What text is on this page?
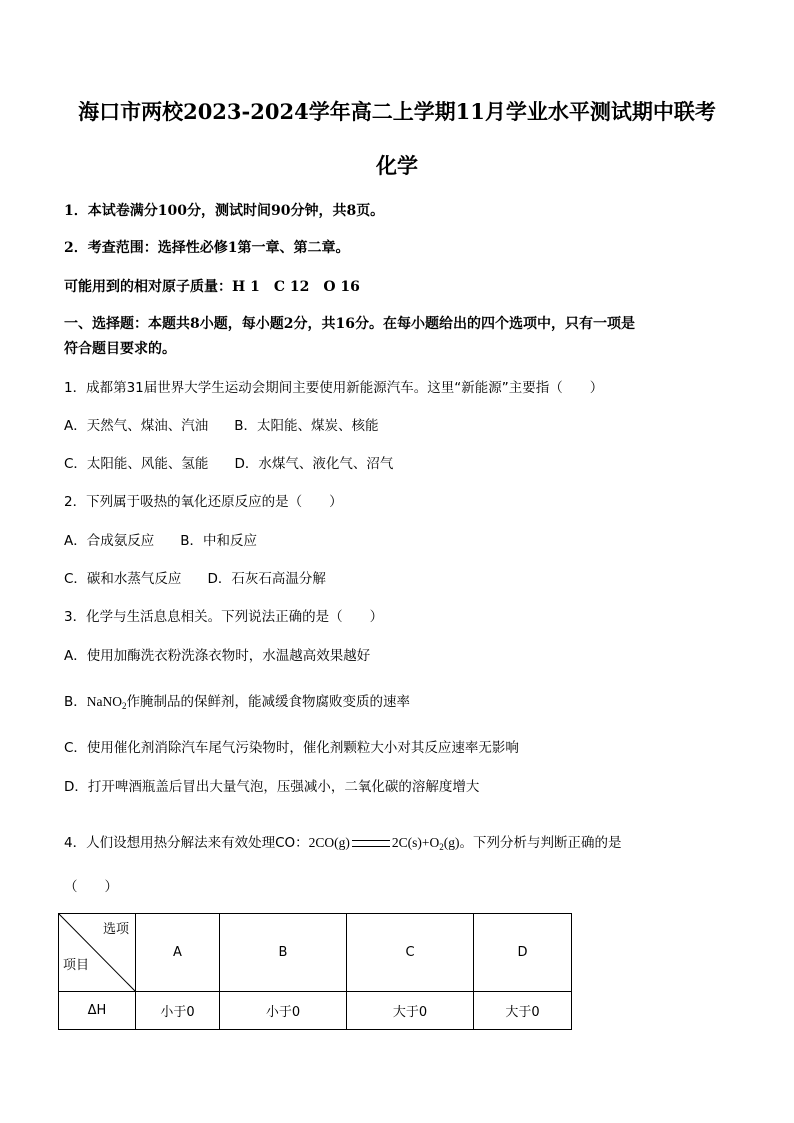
海口市两校2023-2024学年高二上学期11月学业水平测试期中联考
化学
1．本试卷满分100分，测试时间90分钟，共8页。
2．考查范围：选择性必修1第一章、第二章。
可能用到的相对原子质量：H 1　C 12　O 16
一、选择题：本题共8小题，每小题2分，共16分。在每小题给出的四个选项中，只有一项是
符合题目要求的。
1．成都第31届世界大学生运动会期间主要使用新能源汽车。这里“新能源”主要指（　　）
A．天然气、煤油、汽油 B．太阳能、煤炭、核能
C．太阳能、风能、氢能 D．水煤气、液化气、沼气
2．下列属于吸热的氧化还原反应的是（　　）
A．合成氨反应 B．中和反应
C．碳和水蒸气反应 D．石灰石高温分解
3．化学与生活息息相关。下列说法正确的是（　　）
A．使用加酶洗衣粉洗涤衣物时，水温越高效果越好
B．NaNO$_2$作腌制品的保鲜剂，能减缓食物腐败变质的速率
C．使用催化剂消除汽车尾气污染物时，催化剂颗粒大小对其反应速率无影响
D．打开啤酒瓶盖后冒出大量气泡，压强减小，二氧化碳的溶解度增大
4．人们设想用热分解法来有效处理CO：2CO(g)	$2C(s)+O_2(g)$。下列分析与判断正确的是
（　　）
选项
项目	A	B	C	D
ΔH	小于0	小于0	大于0	大于0
